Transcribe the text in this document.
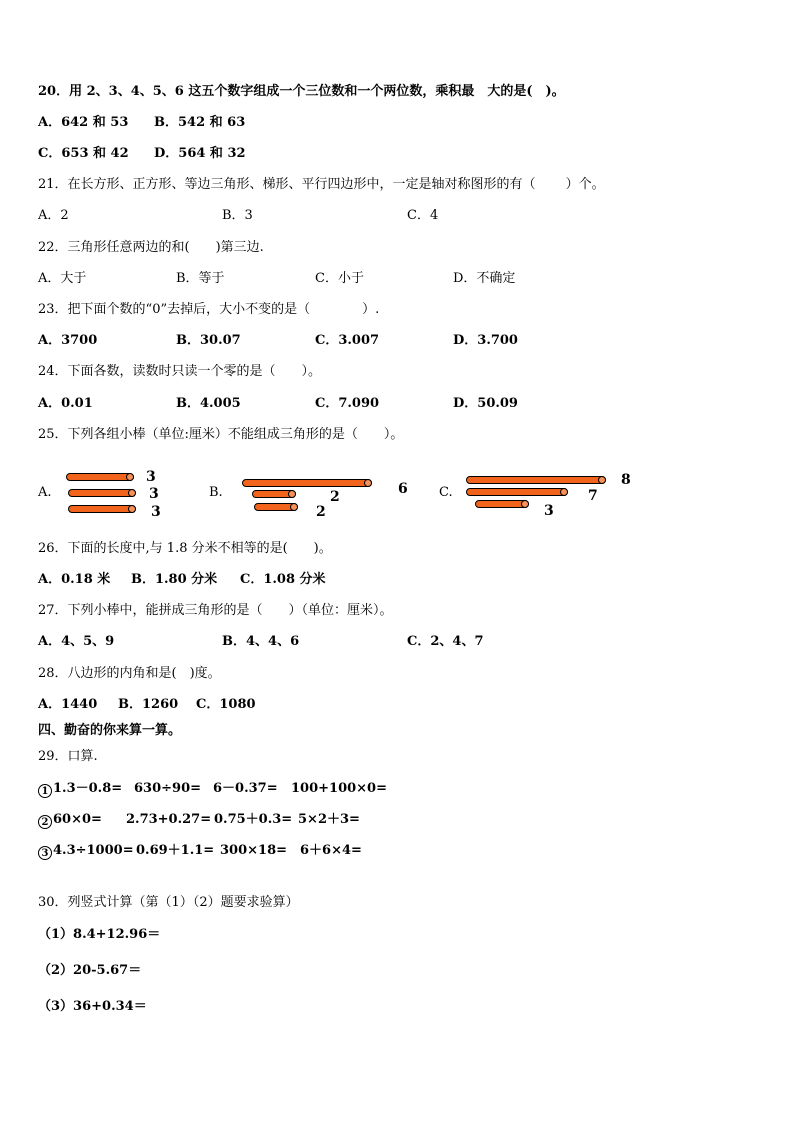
20．用 2、3、4、5、6 这五个数字组成一个三位数和一个两位数，乘积最　大的是(　)。
A．642 和 53 B．542 和 63
C．653 和 42 D．564 和 32
21．在长方形、正方形、等边三角形、梯形、平行四边形中，一定是轴对称图形的有（　　 ）个。
A．2	B．3	C．4
22．三角形任意两边的和(　　)第三边.
A．大于	B．等于	C．小于	D．不确定
23．把下面个数的“0”去掉后，大小不变的是（　　　　）.
A．3700	B．30.07	C．3.007	D．3.700
24．下面各数，读数时只读一个零的是（　　）。
A．0.01	B．4.005	C．7.090	D．50.09
25．下列各组小棒（单位:厘米）不能组成三角形的是（　　）。
A.
3
3
3
B.	6
2
2
C.
8
7
3
26．下面的长度中,与 1.8 分米不相等的是(　　)。
A．0.18 米 B．1.80 分米 C．1.08 分米
27．下列小棒中，能拼成三角形的是（　　）（单位：厘米）。
A．4、5、9	B．4、4、6	C．2、4、7
28．八边形的内角和是(　)度。
A．1440 B．1260 C．1080
四、勤奋的你来算一算。
29．口算.
1 1.3－0.8= 630÷90= 6－0.37= 100+100×0=
2 60×0= 2.73+0.27= 0.75＋0.3= 5×2＋3=
3 4.3÷1000= 0.69＋1.1= 300×18= 6＋6×4=
30．列竖式计算（第（1）（2）题要求验算）
（1）8.4+12.96＝
（2）20-5.67＝
（3）36+0.34＝
